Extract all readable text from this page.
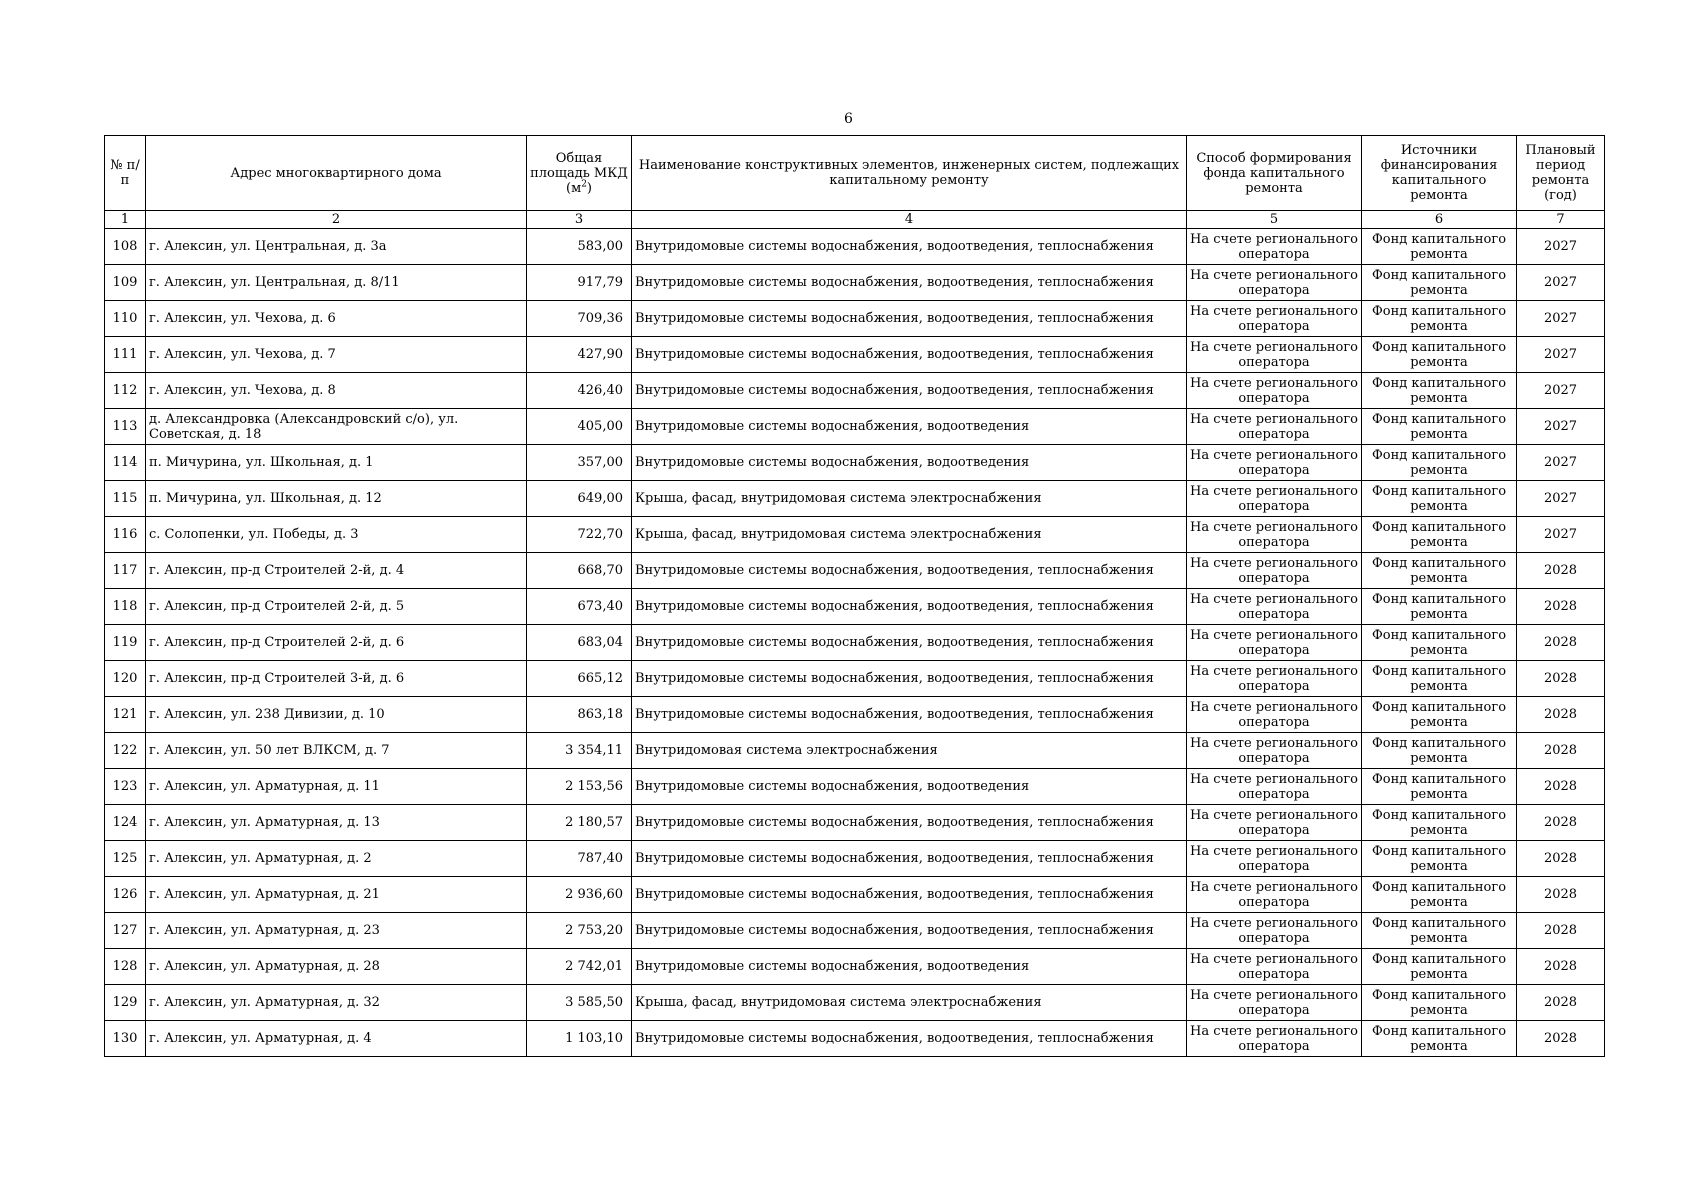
6
№ п/п	Адрес многоквартирного дома	Общая площадь МКД $(м^2)$	Наименование конструктивных элементов, инженерных систем, подлежащих капитальному ремонту	Способ формирования фонда капитального ремонта	Источники финансирования капитального ремонта	Плановый период ремонта (год)
1	2	3	4	5	6	7
108	г. Алексин, ул. Центральная, д. 3а	583,00	Внутридомовые системы водоснабжения, водоотведения, теплоснабжения	На счете регионального оператора	Фонд капитального ремонта	2027
109	г. Алексин, ул. Центральная, д. 8/11	917,79	Внутридомовые системы водоснабжения, водоотведения, теплоснабжения	На счете регионального оператора	Фонд капитального ремонта	2027
110	г. Алексин, ул. Чехова, д. 6	709,36	Внутридомовые системы водоснабжения, водоотведения, теплоснабжения	На счете регионального оператора	Фонд капитального ремонта	2027
111	г. Алексин, ул. Чехова, д. 7	427,90	Внутридомовые системы водоснабжения, водоотведения, теплоснабжения	На счете регионального оператора	Фонд капитального ремонта	2027
112	г. Алексин, ул. Чехова, д. 8	426,40	Внутридомовые системы водоснабжения, водоотведения, теплоснабжения	На счете регионального оператора	Фонд капитального ремонта	2027
113	д. Александровка (Александровский с/о), ул. Советская, д. 18	405,00	Внутридомовые системы водоснабжения, водоотведения	На счете регионального оператора	Фонд капитального ремонта	2027
114	п. Мичурина, ул. Школьная, д. 1	357,00	Внутридомовые системы водоснабжения, водоотведения	На счете регионального оператора	Фонд капитального ремонта	2027
115	п. Мичурина, ул. Школьная, д. 12	649,00	Крыша, фасад, внутридомовая система электроснабжения	На счете регионального оператора	Фонд капитального ремонта	2027
116	с. Солопенки, ул. Победы, д. 3	722,70	Крыша, фасад, внутридомовая система электроснабжения	На счете регионального оператора	Фонд капитального ремонта	2027
117	г. Алексин, пр-д Строителей 2-й, д. 4	668,70	Внутридомовые системы водоснабжения, водоотведения, теплоснабжения	На счете регионального оператора	Фонд капитального ремонта	2028
118	г. Алексин, пр-д Строителей 2-й, д. 5	673,40	Внутридомовые системы водоснабжения, водоотведения, теплоснабжения	На счете регионального оператора	Фонд капитального ремонта	2028
119	г. Алексин, пр-д Строителей 2-й, д. 6	683,04	Внутридомовые системы водоснабжения, водоотведения, теплоснабжения	На счете регионального оператора	Фонд капитального ремонта	2028
120	г. Алексин, пр-д Строителей 3-й, д. 6	665,12	Внутридомовые системы водоснабжения, водоотведения, теплоснабжения	На счете регионального оператора	Фонд капитального ремонта	2028
121	г. Алексин, ул. 238 Дивизии, д. 10	863,18	Внутридомовые системы водоснабжения, водоотведения, теплоснабжения	На счете регионального оператора	Фонд капитального ремонта	2028
122	г. Алексин, ул. 50 лет ВЛКСМ, д. 7	3 354,11	Внутридомовая система электроснабжения	На счете регионального оператора	Фонд капитального ремонта	2028
123	г. Алексин, ул. Арматурная, д. 11	2 153,56	Внутридомовые системы водоснабжения, водоотведения	На счете регионального оператора	Фонд капитального ремонта	2028
124	г. Алексин, ул. Арматурная, д. 13	2 180,57	Внутридомовые системы водоснабжения, водоотведения, теплоснабжения	На счете регионального оператора	Фонд капитального ремонта	2028
125	г. Алексин, ул. Арматурная, д. 2	787,40	Внутридомовые системы водоснабжения, водоотведения, теплоснабжения	На счете регионального оператора	Фонд капитального ремонта	2028
126	г. Алексин, ул. Арматурная, д. 21	2 936,60	Внутридомовые системы водоснабжения, водоотведения, теплоснабжения	На счете регионального оператора	Фонд капитального ремонта	2028
127	г. Алексин, ул. Арматурная, д. 23	2 753,20	Внутридомовые системы водоснабжения, водоотведения, теплоснабжения	На счете регионального оператора	Фонд капитального ремонта	2028
128	г. Алексин, ул. Арматурная, д. 28	2 742,01	Внутридомовые системы водоснабжения, водоотведения	На счете регионального оператора	Фонд капитального ремонта	2028
129	г. Алексин, ул. Арматурная, д. 32	3 585,50	Крыша, фасад, внутридомовая система электроснабжения	На счете регионального оператора	Фонд капитального ремонта	2028
130	г. Алексин, ул. Арматурная, д. 4	1 103,10	Внутридомовые системы водоснабжения, водоотведения, теплоснабжения	На счете регионального оператора	Фонд капитального ремонта	2028
